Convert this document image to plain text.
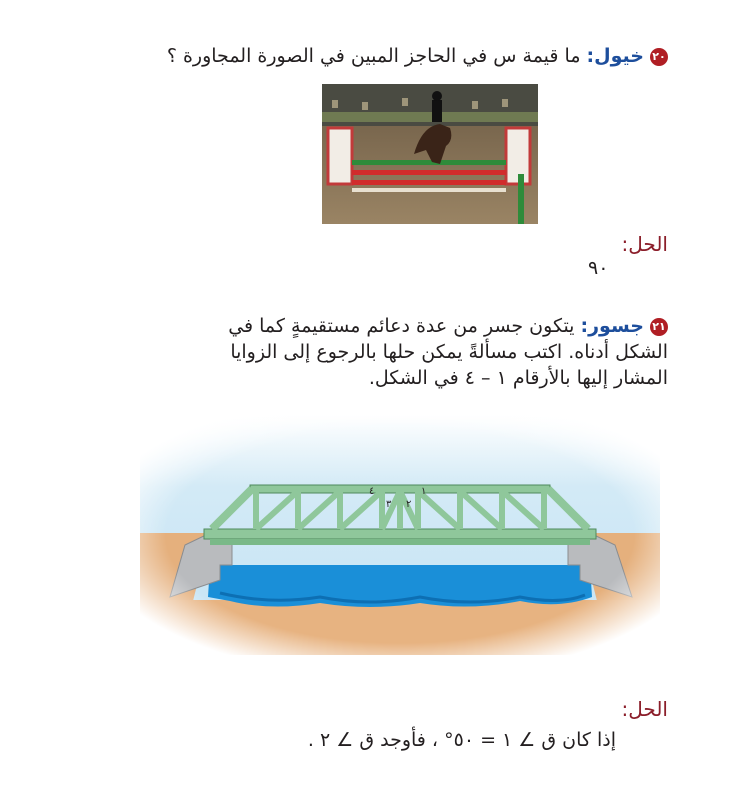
٢٠خيول: ما قيمة س في الحاجز المبين في الصورة المجاورة ؟
الحل:
٩٠
٢١جسور: يتكون جسر من عدة دعائم مستقيمةٍ كما في
الشكل أدناه. اكتب مسألةً يمكن حلها بالرجوع إلى الزوايا
المشار إليها بالأرقام ١ – ٤ في الشكل.
١
٢
٣
٤
الحل:
إذا كان ق ∠ ١ = ٥٠° ، فأوجد ق ∠ ٢ .
